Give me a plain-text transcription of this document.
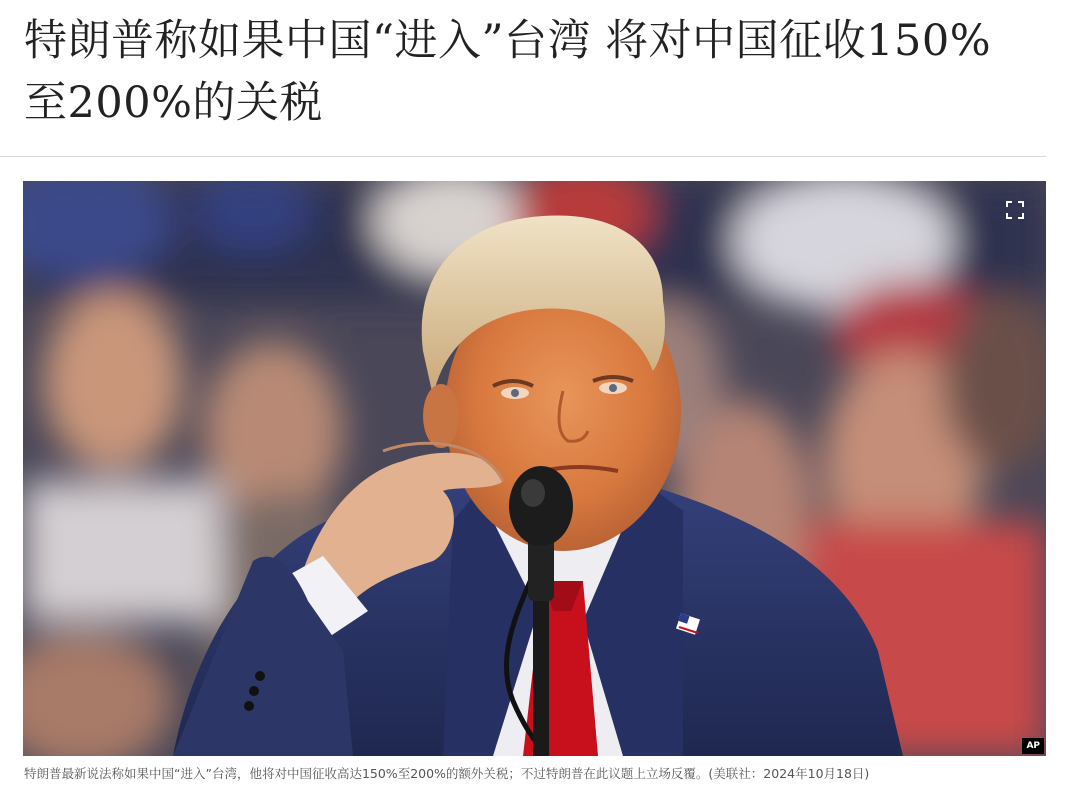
特朗普称如果中国“进入”台湾 将对中国征收150%至200%的关税
AP

特朗普最新说法称如果中国“进入”台湾，他将对中国征收高达150%至200%的额外关税；不过特朗普在此议题上立场反覆。(美联社：2024年10月18日)
